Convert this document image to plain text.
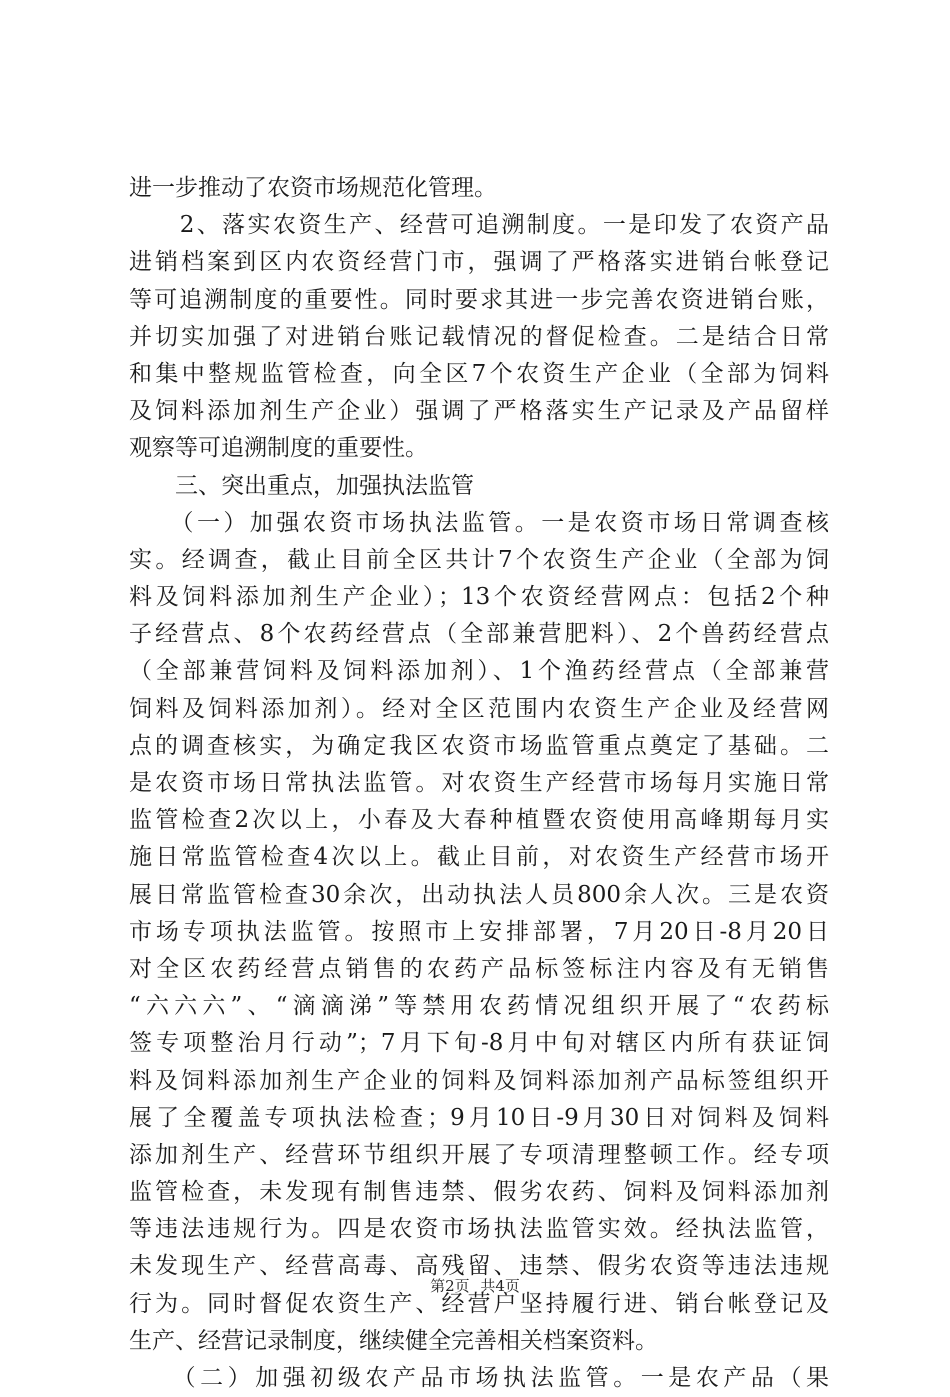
进一步推动了农资市场规范化管理。
　　2、落实农资生产、经营可追溯制度。一是印发了农资产品
进销档案到区内农资经营门市，强调了严格落实进销台帐登记
等可追溯制度的重要性。同时要求其进一步完善农资进销台账，
并切实加强了对进销台账记载情况的督促检查。二是结合日常
和集中整规监管检查，向全区7个农资生产企业（全部为饲料
及饲料添加剂生产企业）强调了严格落实生产记录及产品留样
观察等可追溯制度的重要性。
　　三、突出重点，加强执法监管
　　（一）加强农资市场执法监管。一是农资市场日常调查核
实。经调查，截止目前全区共计7个农资生产企业（全部为饲
料及饲料添加剂生产企业）；13个农资经营网点：包括2个种
子经营点、8个农药经营点（全部兼营肥料）、2个兽药经营点
（全部兼营饲料及饲料添加剂）、1个渔药经营点（全部兼营
饲料及饲料添加剂）。经对全区范围内农资生产企业及经营网
点的调查核实，为确定我区农资市场监管重点奠定了基础。二
是农资市场日常执法监管。对农资生产经营市场每月实施日常
监管检查2次以上，小春及大春种植暨农资使用高峰期每月实
施日常监管检查4次以上。截止目前，对农资生产经营市场开
展日常监管检查30余次，出动执法人员800余人次。三是农资
市场专项执法监管。按照市上安排部署，7月20日-8月20日
对全区农药经营点销售的农药产品标签标注内容及有无销售
“六六六”、“滴滴涕”等禁用农药情况组织开展了“农药标
签专项整治月行动”；7月下旬-8月中旬对辖区内所有获证饲
料及饲料添加剂生产企业的饲料及饲料添加剂产品标签组织开
展了全覆盖专项执法检查；9月10日-9月30日对饲料及饲料
添加剂生产、经营环节组织开展了专项清理整顿工作。经专项
监管检查，未发现有制售违禁、假劣农药、饲料及饲料添加剂
等违法违规行为。四是农资市场执法监管实效。经执法监管，
未发现生产、经营高毒、高残留、违禁、假劣农资等违法违规
行为。同时督促农资生产、经营户坚持履行进、销台帐登记及
生产、经营记录制度，继续健全完善相关档案资料。
　　（二）加强初级农产品市场执法监管。一是农产品（果
第2页 共4页
